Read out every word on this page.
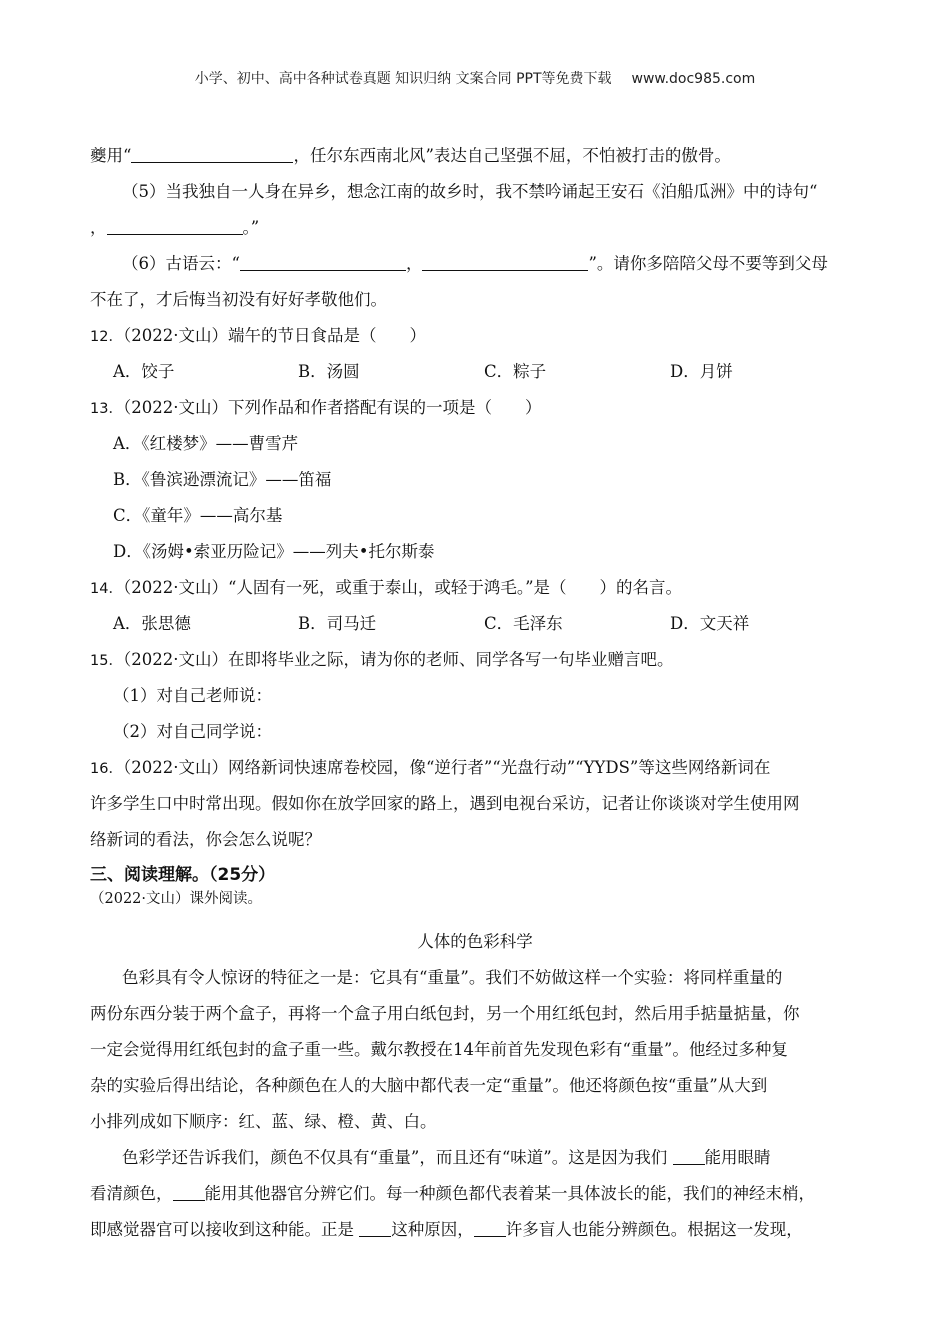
小学、初中、高中各种试卷真题 知识归纳 文案合同 PPT等免费下载 www.doc985.com
夔用“	，任尔东西南北风”表达自己坚强不屈，不怕被打击的傲骨。
（5）当我独自一人身在异乡，想念江南的故乡时，我不禁吟诵起王安石《泊船瓜洲》中的诗句“
，	。”
（6）古语云：“	，	”。请你多陪陪父母不要等到父母
不在了，才后悔当初没有好好孝敬他们。
12．（2022·文山）端午的节日食品是（　　）
A．饺子	B．汤圆	C．粽子	D．月饼
13．（2022·文山）下列作品和作者搭配有误的一项是（　　）
A．《红楼梦》——曹雪芹
B．《鲁滨逊漂流记》——笛福
C．《童年》——高尔基
D．《汤姆•索亚历险记》——列夫•托尔斯泰
14．（2022·文山）“人固有一死，或重于泰山，或轻于鸿毛。”是（　　）的名言。
A．张思德	B．司马迁	C．毛泽东	D．文天祥
15．（2022·文山）在即将毕业之际，请为你的老师、同学各写一句毕业赠言吧。
（1）对自己老师说：
（2）对自己同学说：
16．（2022·文山）网络新词快速席卷校园，像“逆行者”“光盘行动”“YYDS”等这些网络新词在
许多学生口中时常出现。假如你在放学回家的路上，遇到电视台采访，记者让你谈谈对学生使用网
络新词的看法，你会怎么说呢？
三、阅读理解。（25分）
（2022·文山）课外阅读。
人体的色彩科学
色彩具有令人惊讶的特征之一是：它具有“重量”。我们不妨做这样一个实验：将同样重量的
两份东西分装于两个盒子，再将一个盒子用白纸包封，另一个用红纸包封，然后用手掂量掂量，你
一定会觉得用红纸包封的盒子重一些。戴尔教授在14年前首先发现色彩有“重量”。他经过多种复
杂的实验后得出结论，各种颜色在人的大脑中都代表一定“重量”。他还将颜色按“重量”从大到
小排列成如下顺序：红、蓝、绿、橙、黄、白。
色彩学还告诉我们，颜色不仅具有“重量”，而且还有“味道”。这是因为我们 能用眼睛
看清颜色， 能用其他器官分辨它们。每一种颜色都代表着某一具体波长的能，我们的神经末梢，
即感觉器官可以接收到这种能。正是 这种原因， 许多盲人也能分辨颜色。根据这一发现，
